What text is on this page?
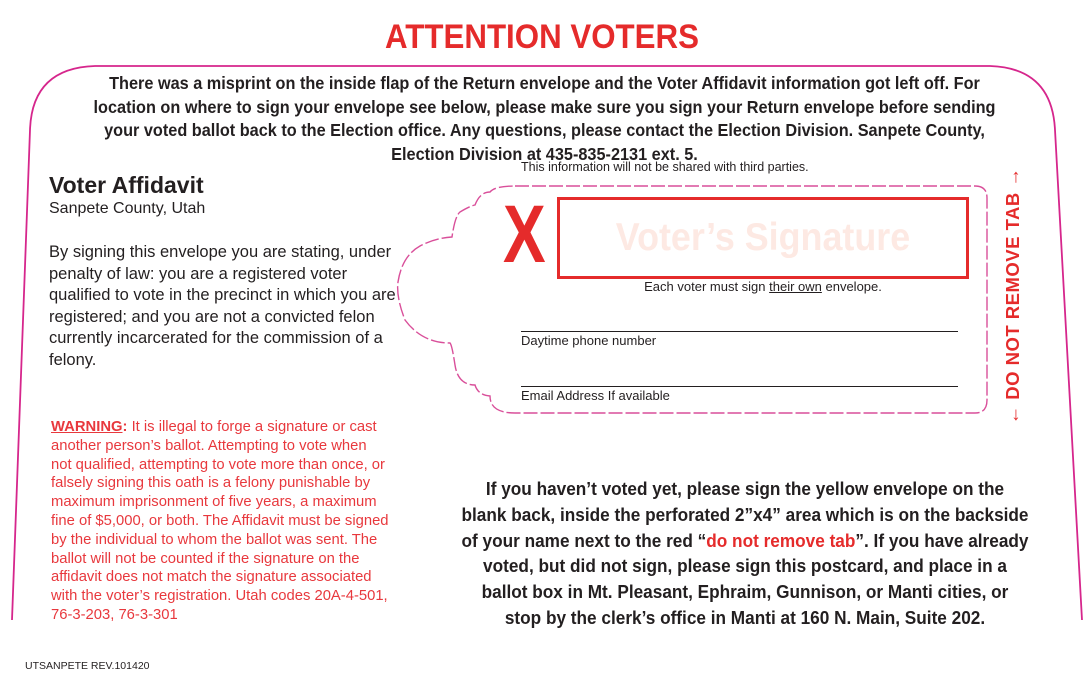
ATTENTION VOTERS
There was a misprint on the inside flap of the Return envelope and the Voter Affidavit information got left off. For location on where to sign your envelope see below, please make sure you sign your Return envelope before sending your voted ballot back to the Election office. Any questions, please contact the Election Division. Sanpete County, Election Division at 435-835-2131 ext. 5.
Voter Affidavit
Sanpete County, Utah
By signing this envelope you are stating, under penalty of law: you are a registered voter qualified to vote in the precinct in which you are registered; and you are not a convicted felon currently incarcerated for the commission of a felony.
WARNING: It is illegal to forge a signature or cast another person’s ballot. Attempting to vote when not qualified, attempting to vote more than once, or falsely signing this oath is a felony punishable by maximum imprisonment of five years, a maximum fine of $5,000, or both. The Affidavit must be signed by the individual to whom the ballot was sent. The ballot will not be counted if the signature on the affidavit does not match the signature associated with the voter’s registration. Utah codes 20A-4-501, 76-3-203, 76-3-301
UTSANPETE REV.101420
This information will not be shared with third parties.
X Voter’s Signature
Each voter must sign their own envelope.
Daytime phone number
Email Address If available
← DO NOT REMOVE TAB →
If you haven’t voted yet, please sign the yellow envelope on the blank back, inside the perforated 2”x4” area which is on the backside of your name next to the red “do not remove tab”. If you have already voted, but did not sign, please sign this postcard, and place in a ballot box in Mt. Pleasant, Ephraim, Gunnison, or Manti cities, or stop by the clerk’s office in Manti at 160 N. Main, Suite 202.
